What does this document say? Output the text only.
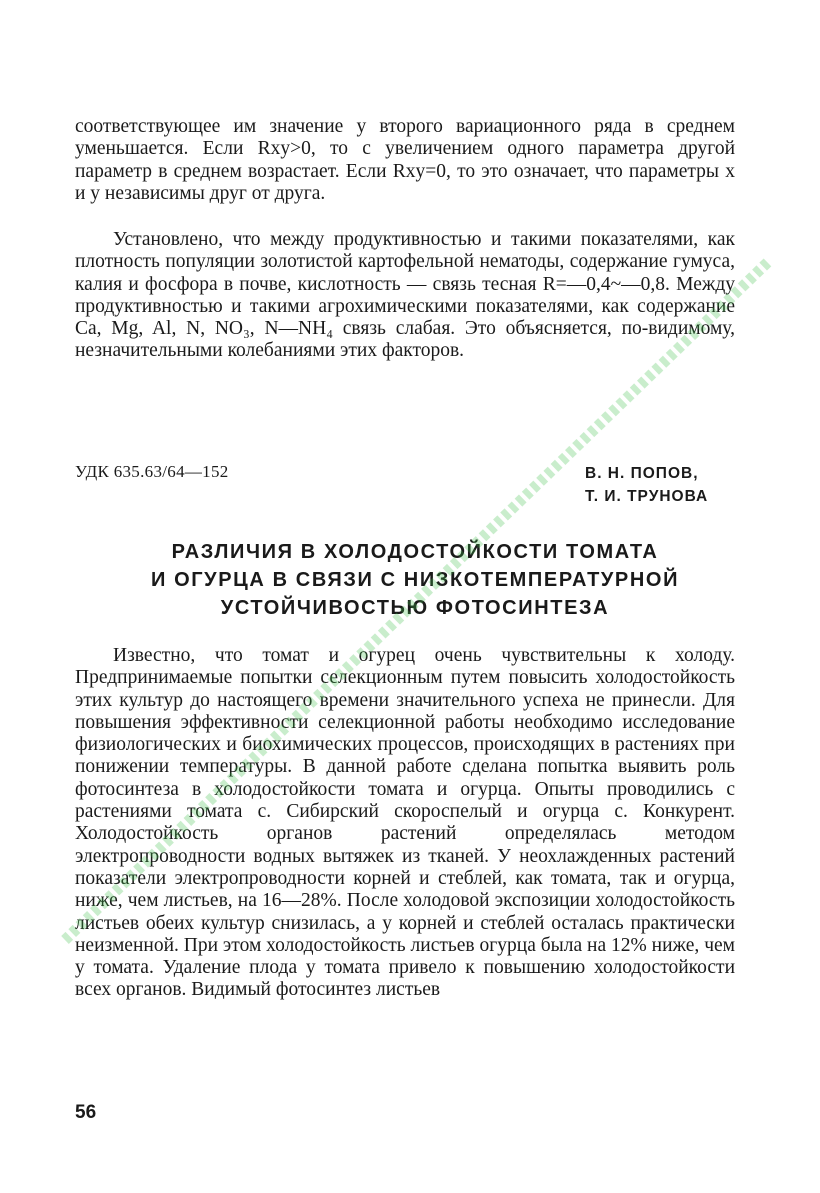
соответствующее им значение у второго вариационного ряда в среднем уменьшается. Если Rxy>0, то с увеличением одного параметра другой параметр в среднем возрастает. Если Rxy=0, то это означает, что параметры x и y независимы друг от друга.

Установлено, что между продуктивностью и такими показателями, как плотность популяции золотистой картофельной нематоды, содержание гумуса, калия и фосфора в почве, кислотность — связь тесная R=—0,4~—0,8. Между продуктивностью и такими агрохимическими показателями, как содержание Ca, Mg, Al, N, NO₃, N—NH₄ связь слабая. Это объясняется, по-видимому, незначительными колебаниями этих факторов.

УДК 635.63/64—152	В. Н. ПОПОВ,
Т. И. ТРУНОВА
РАЗЛИЧИЯ В ХОЛОДОСТОЙКОСТИ ТОМАТА
И ОГУРЦА В СВЯЗИ С НИЗКОТЕМПЕРАТУРНОЙ
УСТОЙЧИВОСТЬЮ ФОТОСИНТЕЗА

Известно, что томат и огурец очень чувствительны к холоду. Предпринимаемые попытки селекционным путем повысить холодостойкость этих культур до настоящего времени значительного успеха не принесли. Для повышения эффективности селекционной работы необходимо исследование физиологических и биохимических процессов, происходящих в растениях при понижении температуры. В данной работе сделана попытка выявить роль фотосинтеза в холодостойкости томата и огурца. Опыты проводились с растениями томата с. Сибирский скороспелый и огурца с. Конкурент. Холодостойкость органов растений определялась методом электропроводности водных вытяжек из тканей. У неохлажденных растений показатели электропроводности корней и стеблей, как томата, так и огурца, ниже, чем листьев, на 16—28%. После холодовой экспозиции холодостойкость листьев обеих культур снизилась, а у корней и стеблей осталась практически неизменной. При этом холодостойкость листьев огурца была на 12% ниже, чем у томата. Удаление плода у томата привело к повышению холодостойкости всех органов. Видимый фотосинтез листьев

56
